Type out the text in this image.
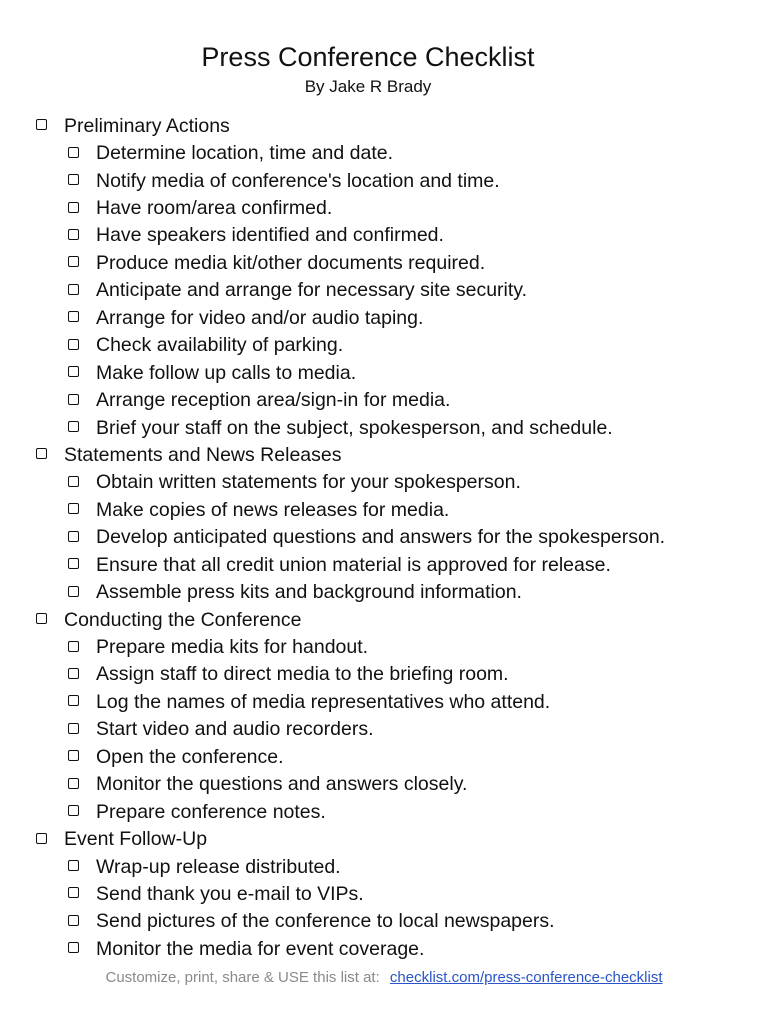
Press Conference Checklist
By Jake R Brady
Preliminary Actions
Determine location, time and date.
Notify media of conference's location and time.
Have room/area confirmed.
Have speakers identified and confirmed.
Produce media kit/other documents required.
Anticipate and arrange for necessary site security.
Arrange for video and/or audio taping.
Check availability of parking.
Make follow up calls to media.
Arrange reception area/sign-in for media.
Brief your staff on the subject, spokesperson, and schedule.
Statements and News Releases
Obtain written statements for your spokesperson.
Make copies of news releases for media.
Develop anticipated questions and answers for the spokesperson.
Ensure that all credit union material is approved for release.
Assemble press kits and background information.
Conducting the Conference
Prepare media kits for handout.
Assign staff to direct media to the briefing room.
Log the names of media representatives who attend.
Start video and audio recorders.
Open the conference.
Monitor the questions and answers closely.
Prepare conference notes.
Event Follow-Up
Wrap-up release distributed.
Send thank you e-mail to VIPs.
Send pictures of the conference to local newspapers.
Monitor the media for event coverage.
Customize, print, share & USE this list at: checklist.com/press-conference-checklist
